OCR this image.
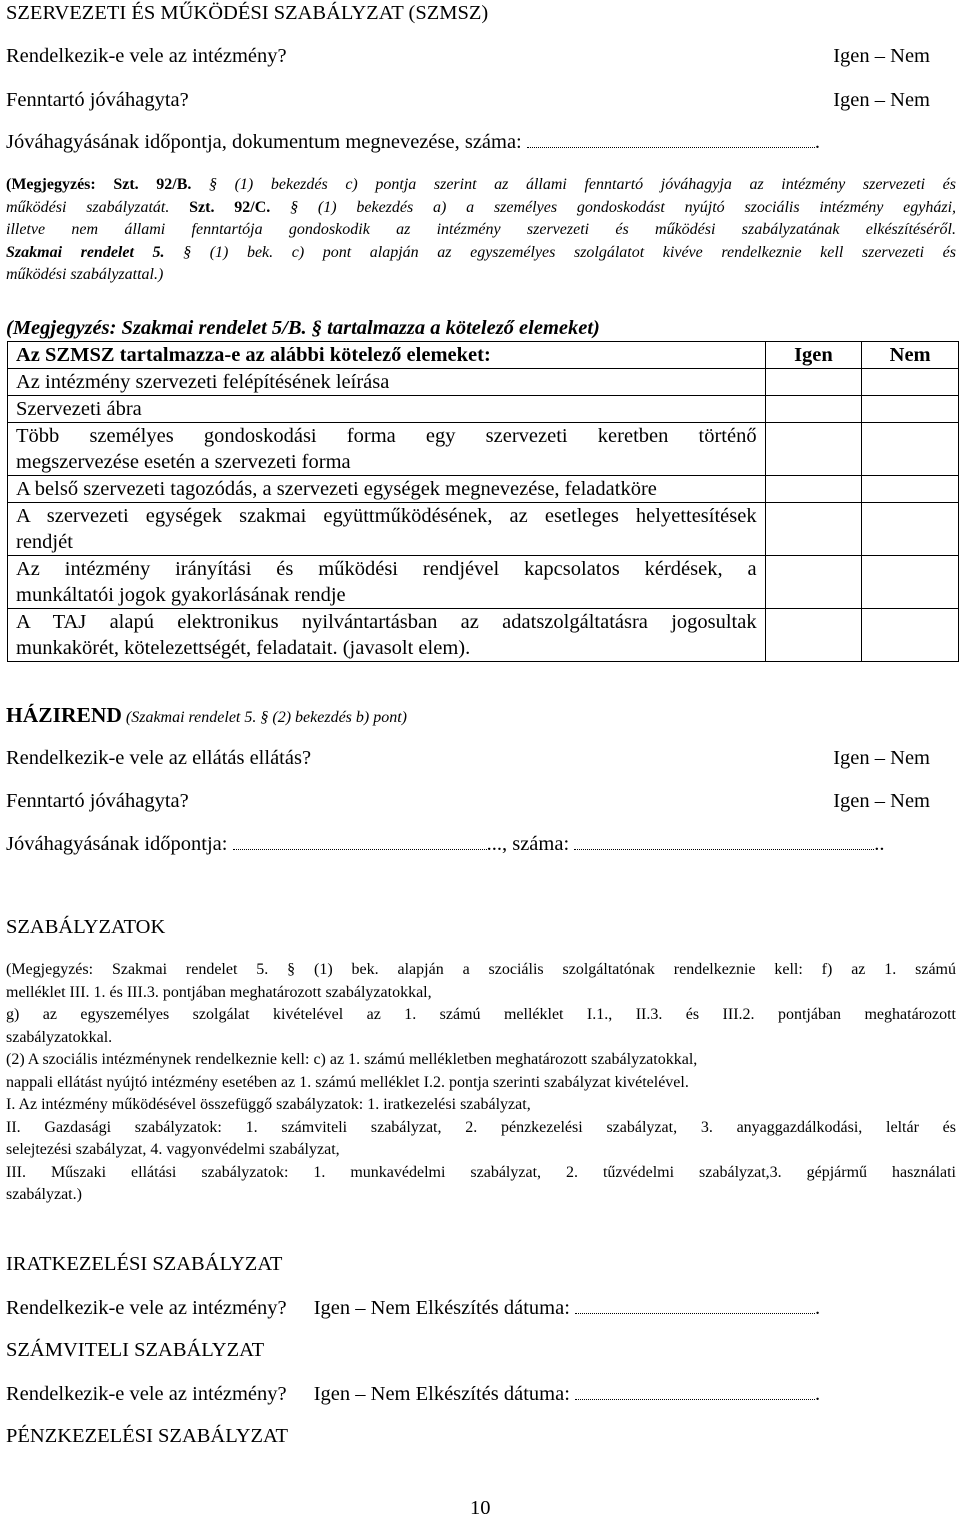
SZERVEZETI ÉS MŰKÖDÉSI SZABÁLYZAT (SZMSZ)
Rendelkezik-e vele az intézmény?	Igen – Nem
Fenntartó jóváhagyta?	Igen – Nem
Jóváhagyásának időpontja, dokumentum megnevezése, száma:	.

(Megjegyzés: Szt. 92/B. § (1) bekezdés c) pontja szerint az állami fenntartó jóváhagyja az intézmény szervezeti és

működési szabályzatát. Szt. 92/C. § (1) bekezdés a) a személyes gondoskodást nyújtó szociális intézmény egyházi,

illetve nem állami fenntartója gondoskodik az intézmény szervezeti és működési szabályzatának elkészítéséről.

Szakmai rendelet 5. § (1) bek. c) pont alapján az egyszemélyes szolgálatot kivéve rendelkeznie kell szervezeti és

működési szabályzattal.)

(Megjegyzés: Szakmai rendelet 5/B. § tartalmazza a kötelező elemeket)
Az SZMSZ tartalmazza-e az alábbi kötelező elemeket:	Igen	Nem
Az intézmény szervezeti felépítésének leírása		
Szervezeti ábra		

Több személyes gondoskodási forma egy szervezeti keretben történő
megszervezése esetén a szervezeti forma		

A belső szervezeti tagozódás, a szervezeti egységek megnevezése, feladatköre		

A szervezeti egységek szakmai együttműködésének, az esetleges helyettesítések
rendjét		

Az intézmény irányítási és működési rendjével kapcsolatos kérdések, a
munkáltatói jogok gyakorlásának rendje		

A TAJ alapú elektronikus nyilvántartásban az adatszolgáltatásra jogosultak
munkakörét, kötelezettségét, feladatait. (javasolt elem).		

HÁZIREND (Szakmai rendelet 5. § (2) bekezdés b) pont)
Rendelkezik-e vele az ellátás ellátás?	Igen – Nem
Fenntartó jóváhagyta?	Igen – Nem
Jóváhagyásának időpontja:	..., száma:	..
SZABÁLYZATOK

(Megjegyzés: Szakmai rendelet 5. § (1) bek. alapján a szociális szolgáltatónak rendelkeznie kell: f) az 1. számú

melléklet III. 1. és III.3. pontjában meghatározott szabályzatokkal,

g) az egyszemélyes szolgálat kivételével az 1. számú melléklet I.1., II.3. és III.2. pontjában meghatározott

szabályzatokkal.

(2) A szociális intézménynek rendelkeznie kell: c) az 1. számú mellékletben meghatározott szabályzatokkal,

nappali ellátást nyújtó intézmény esetében az 1. számú melléklet I.2. pontja szerinti szabályzat kivételével.

I. Az intézmény működésével összefüggő szabályzatok: 1. iratkezelési szabályzat,

II. Gazdasági szabályzatok: 1. számviteli szabályzat, 2. pénzkezelési szabályzat, 3. anyaggazdálkodási, leltár és

selejtezési szabályzat, 4. vagyonvédelmi szabályzat,

III. Műszaki ellátási szabályzatok: 1. munkavédelmi szabályzat, 2. tűzvédelmi szabályzat,3. gépjármű használati

szabályzat.)

IRATKEZELÉSI SZABÁLYZAT
Rendelkezik-e vele az intézmény? Igen – Nem Elkészítés dátuma:	.
SZÁMVITELI SZABÁLYZAT
Rendelkezik-e vele az intézmény? Igen – Nem Elkészítés dátuma:	.
PÉNZKEZELÉSI SZABÁLYZAT
10
